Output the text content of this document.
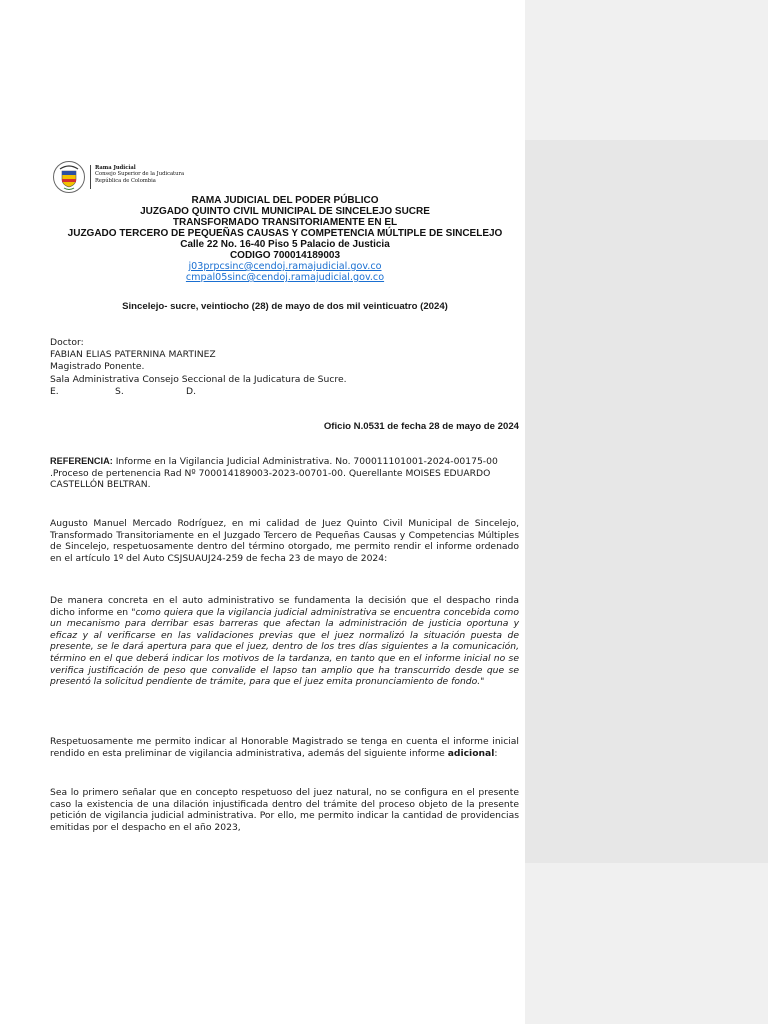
Rama Judicial
Consejo Superior de la Judicatura
República de Colombia
RAMA JUDICIAL DEL PODER PÚBLICO
JUZGADO QUINTO CIVIL MUNICIPAL DE SINCELEJO SUCRE
TRANSFORMADO TRANSITORIAMENTE EN EL
JUZGADO TERCERO DE PEQUEÑAS CAUSAS Y COMPETENCIA MÚLTIPLE DE SINCELEJO
Calle 22 No. 16-40 Piso 5 Palacio de Justicia
CODIGO 700014189003
j03prpcsinc@cendoj.ramajudicial.gov.co
cmpal05sinc@cendoj.ramajudicial.gov.co
Sincelejo- sucre, veintiocho (28) de mayo de dos mil veinticuatro (2024)
Doctor:
FABIAN ELIAS PATERNINA MARTINEZ
Magistrado Ponente.
Sala Administrativa Consejo Seccional de la Judicatura de Sucre.
E.	S.	D.
Oficio N.0531 de fecha 28 de mayo de 2024
REFERENCIA: Informe en la Vigilancia Judicial Administrativa. No. 700011101001-2024-00175-00 .Proceso de pertenencia Rad Nº 700014189003-2023-00701-00. Querellante MOISES EDUARDO CASTELLÓN BELTRAN.
Augusto Manuel Mercado Rodríguez, en mi calidad de Juez Quinto Civil Municipal de Sincelejo, Transformado Transitoriamente en el Juzgado Tercero de Pequeñas Causas y Competencias Múltiples de Sincelejo, respetuosamente dentro del término otorgado, me permito rendir el informe ordenado en el artículo 1º del Auto CSJSUAUJ24-259 de fecha 23 de mayo de 2024:
De manera concreta en el auto administrativo se fundamenta la decisión que el despacho rinda dicho informe en "como quiera que la vigilancia judicial administrativa se encuentra concebida como un mecanismo para derribar esas barreras que afectan la administración de justicia oportuna y eficaz y al verificarse en las validaciones previas que el juez normalizó la situación puesta de presente, se le dará apertura para que el juez, dentro de los tres días siguientes a la comunicación, término en el que deberá indicar los motivos de la tardanza, en tanto que en el informe inicial no se verifica justificación de peso que convalide el lapso tan amplio que ha transcurrido desde que se presentó la solicitud pendiente de trámite, para que el juez emita pronunciamiento de fondo."
Respetuosamente me permito indicar al Honorable Magistrado se tenga en cuenta el informe inicial rendido en esta preliminar de vigilancia administrativa, además del siguiente informe adicional:
Sea lo primero señalar que en concepto respetuoso del juez natural, no se configura en el presente caso la existencia de una dilación injustificada dentro del trámite del proceso objeto de la presente petición de vigilancia judicial administrativa. Por ello, me permito indicar la cantidad de providencias emitidas por el despacho en el año 2023,
